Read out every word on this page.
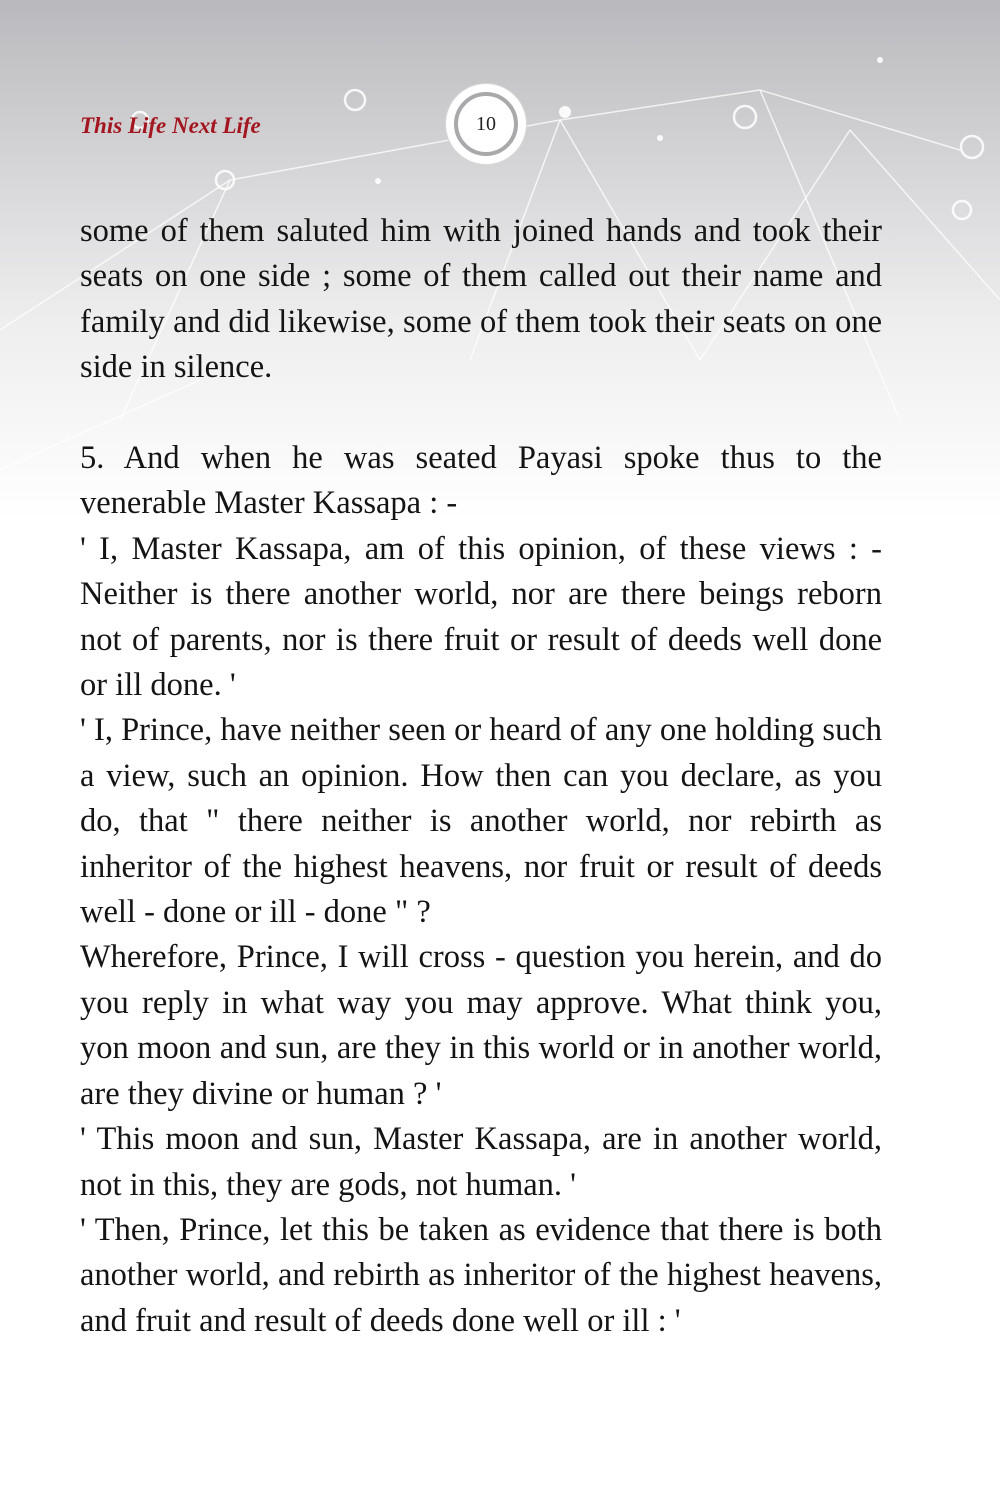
This Life Next Life	10

some of them saluted him with joined hands and took their seats on one side ; some of them called out their name and family and did likewise, some of them took their seats on one side in silence.

5. And when he was seated Payasi spoke thus to the venerable Master Kassapa : -

' I, Master Kassapa, am of this opinion, of these views : - Neither is there another world, nor are there beings reborn not of parents, nor is there fruit or result of deeds well done or ill done. '

' I, Prince, have neither seen or heard of any one holding such a view, such an opinion. How then can you declare, as you do, that " there neither is another world, nor rebirth as inheritor of the highest heavens, nor fruit or result of deeds well - done or ill - done " ?

Wherefore, Prince, I will cross - question you herein, and do you reply in what way you may approve. What think you, yon moon and sun, are they in this world or in another world, are they divine or human ? '

' This moon and sun, Master Kassapa, are in another world, not in this, they are gods, not human. '

' Then, Prince, let this be taken as evidence that there is both another world, and rebirth as inheritor of the highest heavens, and fruit and result of deeds done well or ill : '
